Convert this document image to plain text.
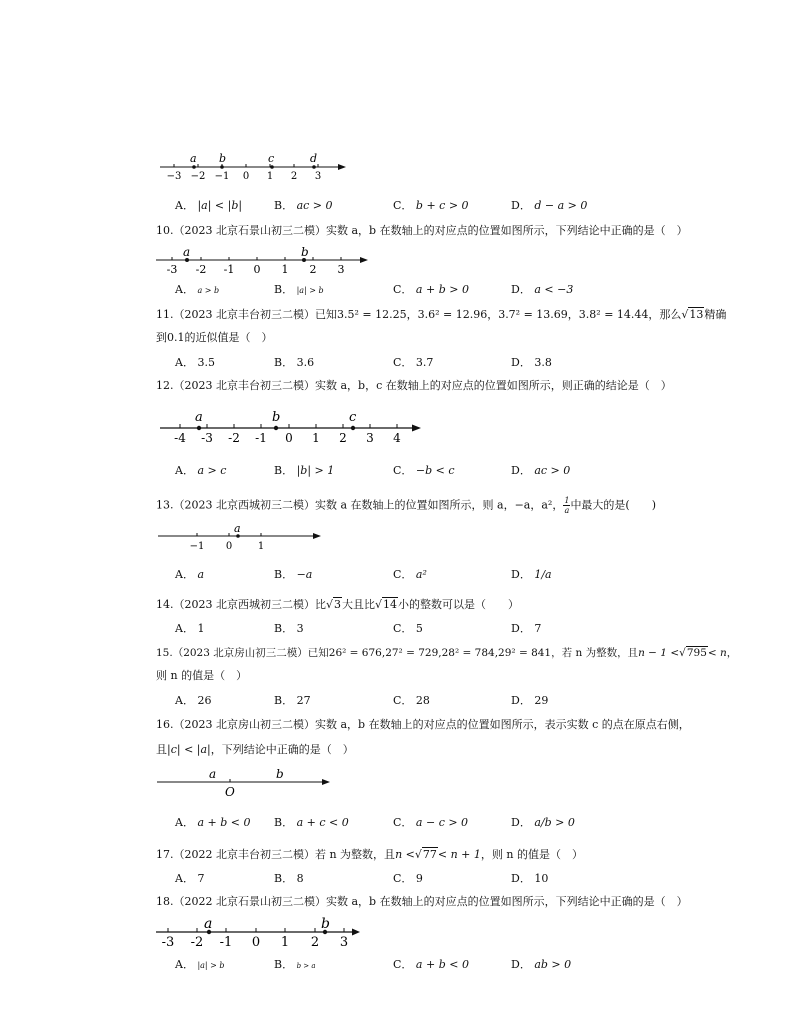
a b	c	d
−3 −2 −1 0 1 2 3
A． |a| < |b|	B． ac > 0	C． b + c > 0	D． d − a > 0
10.（2023 北京石景山初三二模）实数 a，b 在数轴上的对应点的位置如图所示，下列结论中正确的是（　）
a	b
-3 -2 -1 0 1 2 3
A． a > b	B． |a| > b	C． a + b > 0	D． a < −3
11.（2023 北京丰台初三二模）已知3.5² = 12.25，3.6² = 12.96，3.7² = 13.69，3.8² = 14.44，那么√13精确
到0.1的近似值是（　）
A． 3.5	B． 3.6	C． 3.7	D． 3.8
12.（2023 北京丰台初三二模）实数 a，b，c 在数轴上的对应点的位置如图所示，则正确的结论是（　）
a	b	c
-4 -3 -2 -1 0 1 2 3 4
A． a > c	B． |b| > 1	C． −b < c	D． ac > 0
13.（2023 北京西城初三二模）实数 a 在数轴上的位置如图所示，则 a，−a，a²， $\frac{1}{a}$ 中最大的是(　　)
a
−1 0	1
A． a	B． −a	C． a²	D． 1/a
14.（2023 北京西城初三二模）比√3大且比√14小的整数可以是（　　）
A． 1	B． 3	C． 5	D． 7
15.（2023 北京房山初三二模）已知26² = 676,27² = 729,28² = 784,29² = 841，若 n 为整数，且n − 1 <√795< n，
则 n 的值是（　）
A． 26	B． 27	C． 28	D． 29
16.（2023 北京房山初三二模）实数 a，b 在数轴上的对应点的位置如图所示，表示实数 c 的点在原点右侧，
且|c| < |a|，下列结论中正确的是（　）
a	b
O
A． a + b < 0 B． a + c < 0	C． a − c > 0	D． a/b > 0
17.（2022 北京丰台初三二模）若 n 为整数，且n <√77< n + 1，则 n 的值是（　）
A． 7	B． 8	C． 9	D． 10
18.（2022 北京石景山初三二模）实数 a，b 在数轴上的对应点的位置如图所示，下列结论中正确的是（　）
a	b
-3 -2 -1 0 1 2 3
A． |a| > b	B． b > a	C． a + b < 0	D． ab > 0
